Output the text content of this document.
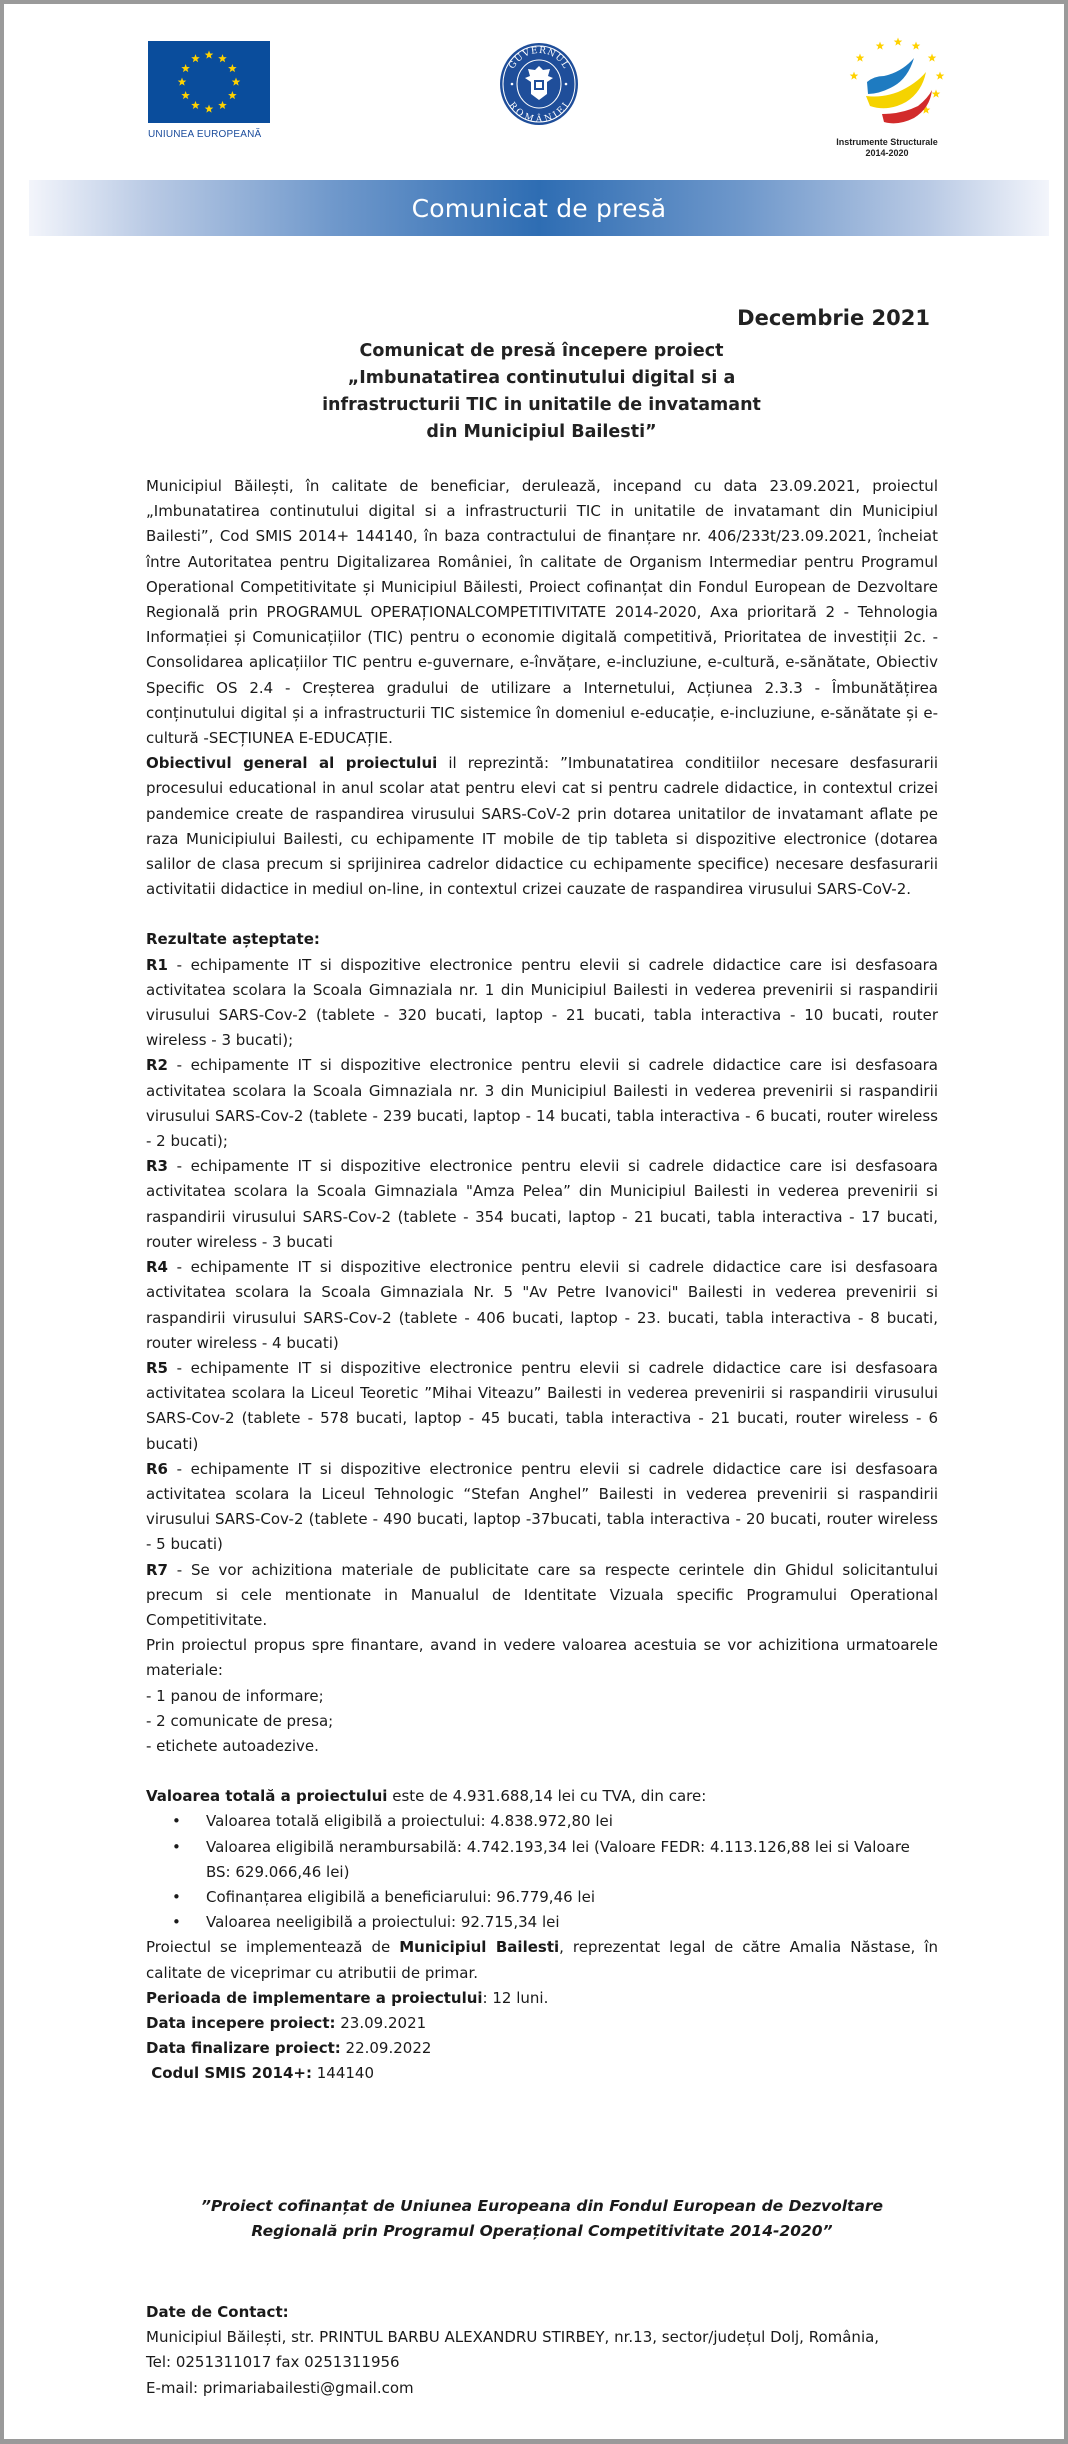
UNIUNEA EUROPEANĂ
GUVERNUL
ROMÂNIEI
Instrumente Structurale
2014-2020
Comunicat de presă
Decembrie 2021
Comunicat de presă începere proiect
„Imbunatatirea continutului digital si a
infrastructurii TIC in unitatile de invatamant
din Municipiul Bailesti”

Municipiul Băilești, în calitate de beneficiar, derulează, incepand cu data 23.09.2021, proiectul „Imbunatatirea continutului digital si a infrastructurii TIC in unitatile de invatamant din Municipiul Bailesti”, Cod SMIS 2014+ 144140, în baza contractului de finanțare nr. 406/233t/23.09.2021, încheiat între Autoritatea pentru Digitalizarea României, în calitate de Organism Intermediar pentru Programul Operational Competitivitate și Municipiul Băilesti, Proiect cofinanțat din Fondul European de Dezvoltare Regională prin PROGRAMUL OPERAȚIONALCOMPETITIVITATE 2014-2020, Axa prioritară 2 - Tehnologia Informației și Comunicațiilor (TIC) pentru o economie digitală competitivă, Prioritatea de investiții 2c. -Consolidarea aplicațiilor TIC pentru e-guvernare, e-învățare, e-incluziune, e-cultură, e-sănătate, Obiectiv Specific OS 2.4 - Creșterea gradului de utilizare a Internetului, Acțiunea 2.3.3 - Îmbunătățirea conținutului digital și a infrastructurii TIC sistemice în domeniul e-educație, e-incluziune, e-sănătate și e-cultură -SECȚIUNEA E-EDUCAȚIE.

Obiectivul general al proiectului il reprezintă: ”Imbunatatirea conditiilor necesare desfasurarii procesului educational in anul scolar atat pentru elevi cat si pentru cadrele didactice, in contextul crizei pandemice create de raspandirea virusului SARS-CoV-2 prin dotarea unitatilor de invatamant aflate pe raza Municipiului Bailesti, cu echipamente IT mobile de tip tableta si dispozitive electronice (dotarea salilor de clasa precum si sprijinirea cadrelor didactice cu echipamente specifice) necesare desfasurarii activitatii didactice in mediul on-line, in contextul crizei cauzate de raspandirea virusului SARS-CoV-2.

Rezultate așteptate:

R1 - echipamente IT si dispozitive electronice pentru elevii si cadrele didactice care isi desfasoara activitatea scolara la Scoala Gimnaziala nr. 1 din Municipiul Bailesti in vederea prevenirii si raspandirii virusului SARS-Cov-2 (tablete - 320 bucati, laptop - 21 bucati, tabla interactiva - 10 bucati, router wireless - 3 bucati);

R2 - echipamente IT si dispozitive electronice pentru elevii si cadrele didactice care isi desfasoara activitatea scolara la Scoala Gimnaziala nr. 3 din Municipiul Bailesti in vederea prevenirii si raspandirii virusului SARS-Cov-2 (tablete - 239 bucati, laptop - 14 bucati, tabla interactiva - 6 bucati, router wireless - 2 bucati);

R3 - echipamente IT si dispozitive electronice pentru elevii si cadrele didactice care isi desfasoara activitatea scolara la Scoala Gimnaziala "Amza Pelea” din Municipiul Bailesti in vederea prevenirii si raspandirii virusului SARS-Cov-2 (tablete - 354 bucati, laptop - 21 bucati, tabla interactiva - 17 bucati, router wireless - 3 bucati

R4 - echipamente IT si dispozitive electronice pentru elevii si cadrele didactice care isi desfasoara activitatea scolara la Scoala Gimnaziala Nr. 5 "Av Petre Ivanovici" Bailesti in vederea prevenirii si raspandirii virusului SARS-Cov-2 (tablete - 406 bucati, laptop - 23. bucati, tabla interactiva - 8 bucati, router wireless - 4 bucati)

R5 - echipamente IT si dispozitive electronice pentru elevii si cadrele didactice care isi desfasoara activitatea scolara la Liceul Teoretic ”Mihai Viteazu” Bailesti in vederea prevenirii si raspandirii virusului SARS-Cov-2 (tablete - 578 bucati, laptop - 45 bucati, tabla interactiva - 21 bucati, router wireless - 6 bucati)

R6 - echipamente IT si dispozitive electronice pentru elevii si cadrele didactice care isi desfasoara activitatea scolara la Liceul Tehnologic “Stefan Anghel” Bailesti in vederea prevenirii si raspandirii virusului SARS-Cov-2 (tablete - 490 bucati, laptop -37bucati, tabla interactiva - 20 bucati, router wireless - 5 bucati)

R7 - Se vor achizitiona materiale de publicitate care sa respecte cerintele din Ghidul solicitantului precum si cele mentionate in Manualul de Identitate Vizuala specific Programului Operational Competitivitate.

Prin proiectul propus spre finantare, avand in vedere valoarea acestuia se vor achizitiona urmatoarele materiale:

- 1 panou de informare;

- 2 comunicate de presa;

- etichete autoadezive.

Valoarea totală a proiectului este de 4.931.688,14 lei cu TVA, din care:

• Valoarea totală eligibilă a proiectului: 4.838.972,80 lei
• Valoarea eligibilă nerambursabilă: 4.742.193,34 lei (Valoare FEDR: 4.113.126,88 lei si Valoare BS: 629.066,46 lei)
• Cofinanțarea eligibilă a beneficiarului: 96.779,46 lei
• Valoarea neeligibilă a proiectului: 92.715,34 lei

Proiectul se implementează de Municipiul Bailesti, reprezentat legal de către Amalia Năstase, în calitate de viceprimar cu atributii de primar.

Perioada de implementare a proiectului: 12 luni.

Data incepere proiect: 23.09.2021

Data finalizare proiect: 22.09.2022

Codul SMIS 2014+: 144140

”Proiect cofinanțat de Uniunea Europeana din Fondul European de Dezvoltare
Regională prin Programul Operațional Competitivitate 2014-2020”

Date de Contact:

Municipiul Băilești, str. PRINTUL BARBU ALEXANDRU STIRBEY, nr.13, sector/județul Dolj, România,

Tel: 0251311017 fax 0251311956

E-mail: primariabailesti@gmail.com
